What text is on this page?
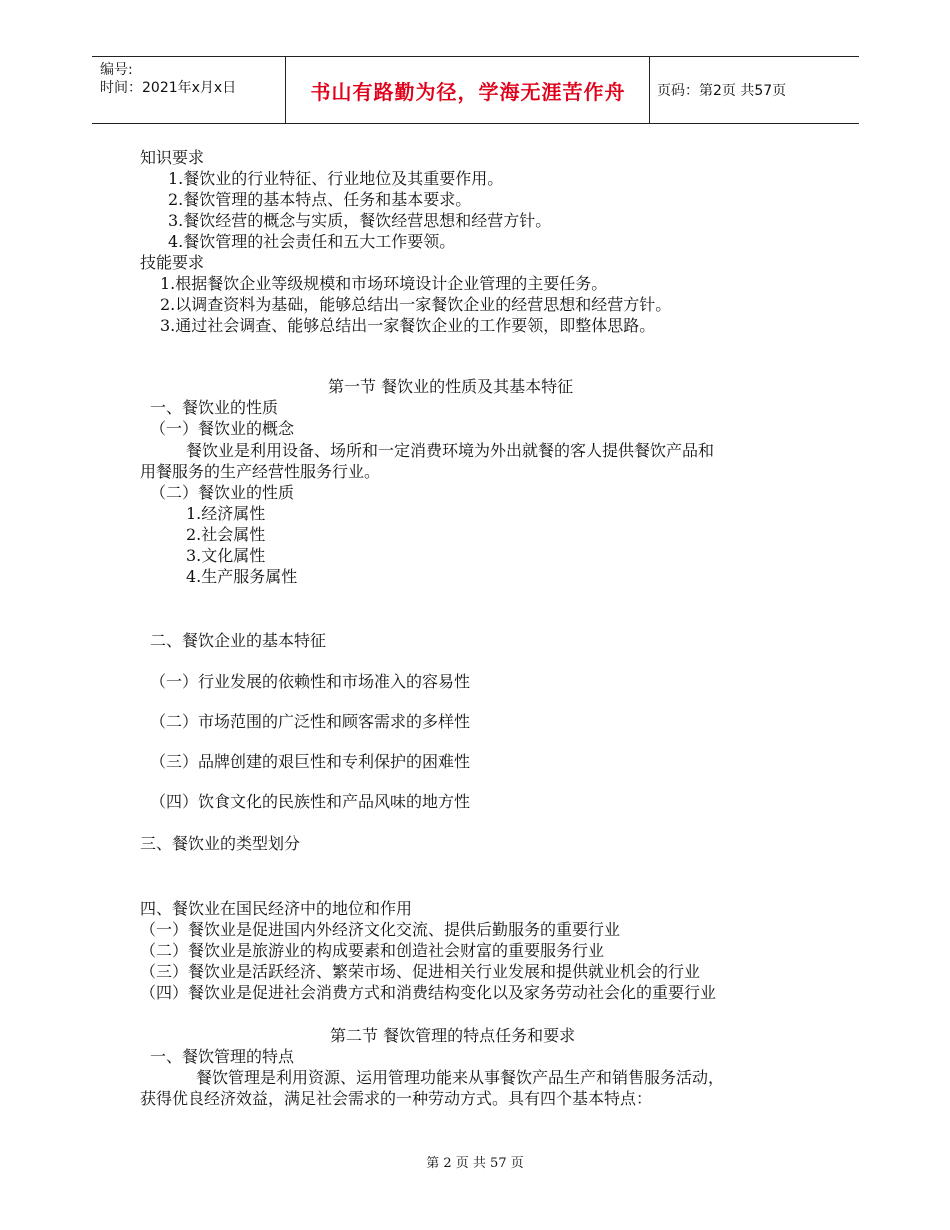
编号:
时间：2021年x月x日	书山有路勤为径，学海无涯苦作舟	页码：第2页 共57页
知识要求
1.餐饮业的行业特征、行业地位及其重要作用。
2.餐饮管理的基本特点、任务和基本要求。
3.餐饮经营的概念与实质，餐饮经营思想和经营方针。
4.餐饮管理的社会责任和五大工作要领。
技能要求
1.根据餐饮企业等级规模和市场环境设计企业管理的主要任务。
2.以调查资料为基础，能够总结出一家餐饮企业的经营思想和经营方针。
3.通过社会调查、能够总结出一家餐饮企业的工作要领，即整体思路。
第一节 餐饮业的性质及其基本特征
一、餐饮业的性质
（一）餐饮业的概念
餐饮业是利用设备、场所和一定消费环境为外出就餐的客人提供餐饮产品和
用餐服务的生产经营性服务行业。
（二）餐饮业的性质
1.经济属性
2.社会属性
3.文化属性
4.生产服务属性
二、餐饮企业的基本特征
（一）行业发展的依赖性和市场准入的容易性
（二）市场范围的广泛性和顾客需求的多样性
（三）品牌创建的艰巨性和专利保护的困难性
（四）饮食文化的民族性和产品风味的地方性
三、餐饮业的类型划分
四、餐饮业在国民经济中的地位和作用
（一）餐饮业是促进国内外经济文化交流、提供后勤服务的重要行业
（二）餐饮业是旅游业的构成要素和创造社会财富的重要服务行业
（三）餐饮业是活跃经济、繁荣市场、促进相关行业发展和提供就业机会的行业
（四）餐饮业是促进社会消费方式和消费结构变化以及家务劳动社会化的重要行业
第二节 餐饮管理的特点任务和要求
一、餐饮管理的特点
餐饮管理是利用资源、运用管理功能来从事餐饮产品生产和销售服务活动，
获得优良经济效益，满足社会需求的一种劳动方式。具有四个基本特点：
第 2 页 共 57 页
